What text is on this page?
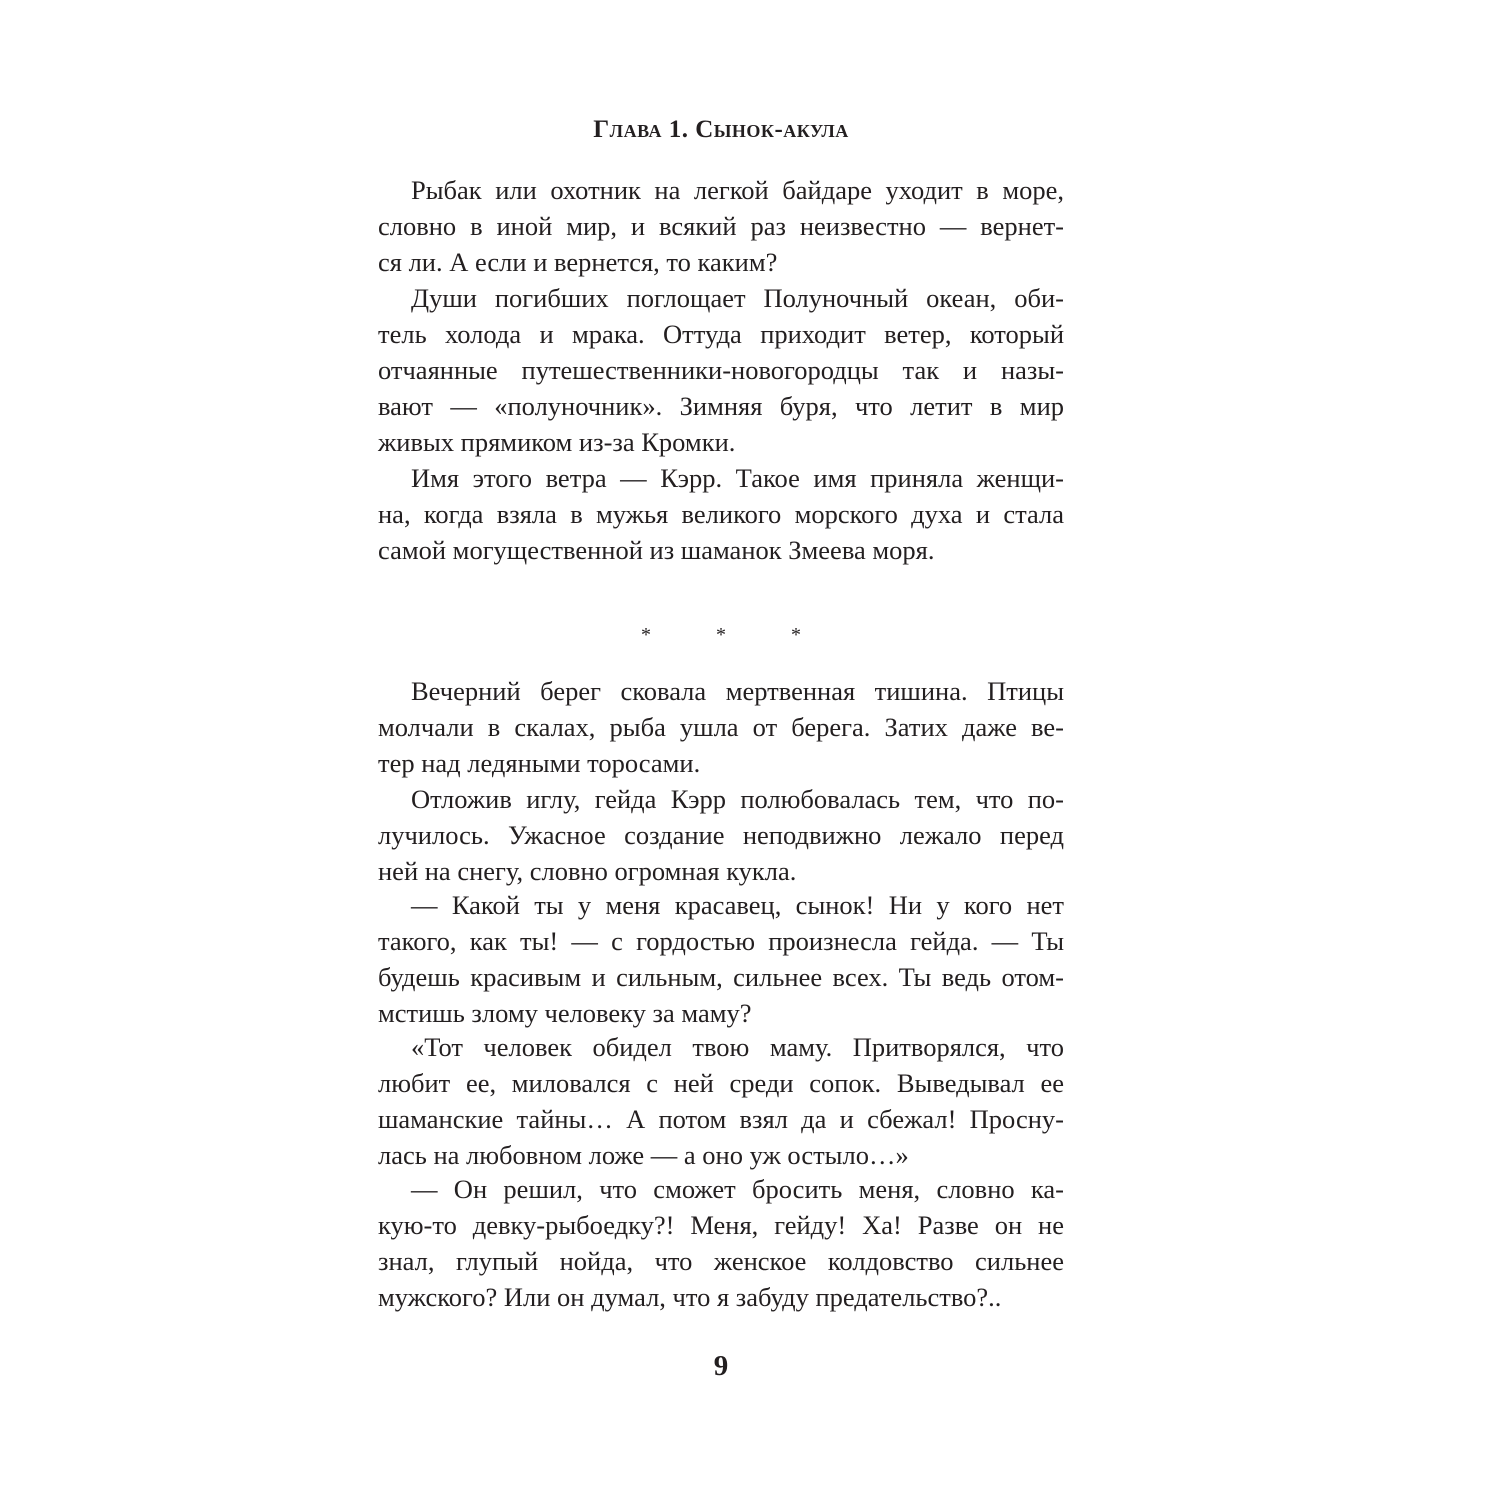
Глава 1. Сынок-акула
Рыбак или охотник на легкой байдаре уходит в море,
словно в иной мир, и всякий раз неизвестно — вернет-
ся ли. А если и вернется, то каким?
Души погибших поглощает Полуночный океан, оби-
тель холода и мрака. Оттуда приходит ветер, который
отчаянные путешественники-новогородцы так и назы-
вают — «полуночник». Зимняя буря, что летит в мир
живых прямиком из-за Кромки.
Имя этого ветра — Кэрр. Такое имя приняла женщи-
на, когда взяла в мужья великого морского духа и стала
самой могущественной из шаманок Змеева моря.
* * *
Вечерний берег сковала мертвенная тишина. Птицы
молчали в скалах, рыба ушла от берега. Затих даже ве-
тер над ледяными торосами.
Отложив иглу, гейда Кэрр полюбовалась тем, что по-
лучилось. Ужасное создание неподвижно лежало перед
ней на снегу, словно огромная кукла.
— Какой ты у меня красавец, сынок! Ни у кого нет
такого, как ты! — с гордостью произнесла гейда. — Ты
будешь красивым и сильным, сильнее всех. Ты ведь отом-
мстишь злому человеку за маму?
«Тот человек обидел твою маму. Притворялся, что
любит ее, миловался с ней среди сопок. Выведывал ее
шаманские тайны… А потом взял да и сбежал! Просну-
лась на любовном ложе — а оно уж остыло…»
— Он решил, что сможет бросить меня, словно ка-
кую-то девку-рыбоедку?! Меня, гейду! Ха! Разве он не
знал, глупый нойда, что женское колдовство сильнее
мужского? Или он думал, что я забуду предательство?..
9
